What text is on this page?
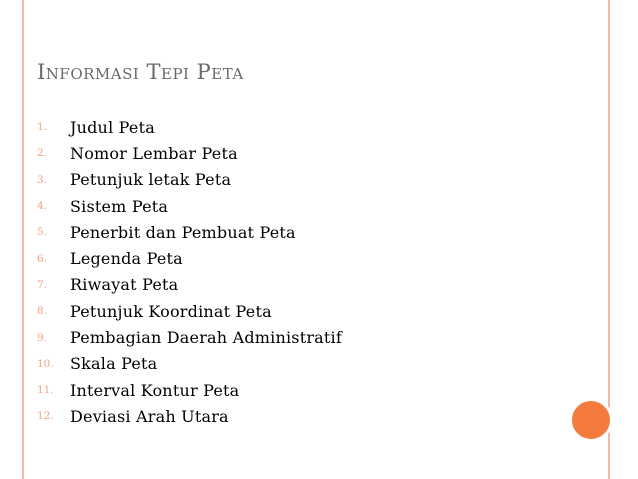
Informasi Tepi Peta
1.	Judul Peta
2.	Nomor Lembar Peta
3.	Petunjuk letak Peta
4.	Sistem Peta
5.	Penerbit dan Pembuat Peta
6.	Legenda Peta
7.	Riwayat Peta
8.	Petunjuk Koordinat Peta
9.	Pembagian Daerah Administratif
10.	Skala Peta
11.	Interval Kontur Peta
12.	Deviasi Arah Utara
